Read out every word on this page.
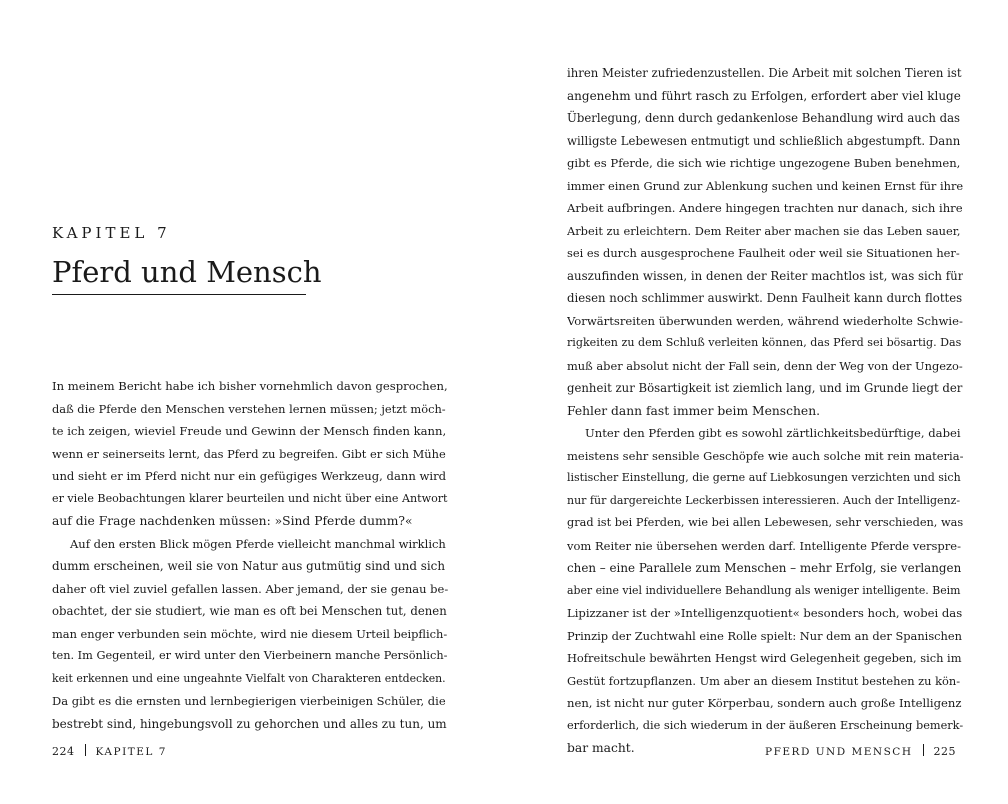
KAPITEL 7
Pferd und Mensch
In meinem Bericht habe ich bisher vornehmlich davon gesprochen,
daß die Pferde den Menschen verstehen lernen müssen; jetzt möch-
te ich zeigen, wieviel Freude und Gewinn der Mensch finden kann,
wenn er seinerseits lernt, das Pferd zu begreifen. Gibt er sich Mühe
und sieht er im Pferd nicht nur ein gefügiges Werkzeug, dann wird
er viele Beobachtungen klarer beurteilen und nicht über eine Antwort
auf die Frage nachdenken müssen: »Sind Pferde dumm?«
Auf den ersten Blick mögen Pferde vielleicht manchmal wirklich
dumm erscheinen, weil sie von Natur aus gutmütig sind und sich
daher oft viel zuviel gefallen lassen. Aber jemand, der sie genau be-
obachtet, der sie studiert, wie man es oft bei Menschen tut, denen
man enger verbunden sein möchte, wird nie diesem Urteil beipflich-
ten. Im Gegenteil, er wird unter den Vierbeinern manche Persönlich-
keit erkennen und eine ungeahnte Vielfalt von Charakteren entdecken.
Da gibt es die ernsten und lernbegierigen vierbeinigen Schüler, die
bestrebt sind, hingebungsvoll zu gehorchen und alles zu tun, um
224 KAPITEL 7
ihren Meister zufriedenzustellen. Die Arbeit mit solchen Tieren ist
angenehm und führt rasch zu Erfolgen, erfordert aber viel kluge
Überlegung, denn durch gedankenlose Behandlung wird auch das
willigste Lebewesen entmutigt und schließlich abgestumpft. Dann
gibt es Pferde, die sich wie richtige ungezogene Buben benehmen,
immer einen Grund zur Ablenkung suchen und keinen Ernst für ihre
Arbeit aufbringen. Andere hingegen trachten nur danach, sich ihre
Arbeit zu erleichtern. Dem Reiter aber machen sie das Leben sauer,
sei es durch ausgesprochene Faulheit oder weil sie Situationen her-
auszufinden wissen, in denen der Reiter machtlos ist, was sich für
diesen noch schlimmer auswirkt. Denn Faulheit kann durch flottes
Vorwärtsreiten überwunden werden, während wiederholte Schwie-
rigkeiten zu dem Schluß verleiten können, das Pferd sei bösartig. Das
muß aber absolut nicht der Fall sein, denn der Weg von der Ungezo-
genheit zur Bösartigkeit ist ziemlich lang, und im Grunde liegt der
Fehler dann fast immer beim Menschen.
Unter den Pferden gibt es sowohl zärtlichkeitsbedürftige, dabei
meistens sehr sensible Geschöpfe wie auch solche mit rein materia-
listischer Einstellung, die gerne auf Liebkosungen verzichten und sich
nur für dargereichte Leckerbissen interessieren. Auch der Intelligenz-
grad ist bei Pferden, wie bei allen Lebewesen, sehr verschieden, was
vom Reiter nie übersehen werden darf. Intelligente Pferde verspre-
chen – eine Parallele zum Menschen – mehr Erfolg, sie verlangen
aber eine viel individuellere Behandlung als weniger intelligente. Beim
Lipizzaner ist der »Intelligenzquotient« besonders hoch, wobei das
Prinzip der Zuchtwahl eine Rolle spielt: Nur dem an der Spanischen
Hofreitschule bewährten Hengst wird Gelegenheit gegeben, sich im
Gestüt fortzupflanzen. Um aber an diesem Institut bestehen zu kön-
nen, ist nicht nur guter Körperbau, sondern auch große Intelligenz
erforderlich, die sich wiederum in der äußeren Erscheinung bemerk-
bar macht.	PFERD UND MENSCH 225
